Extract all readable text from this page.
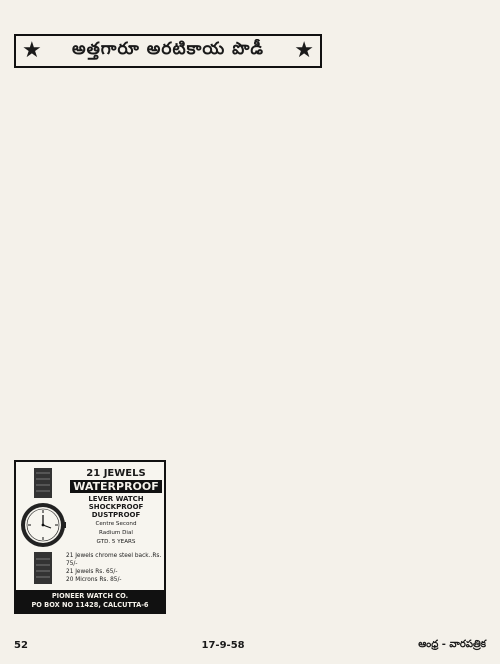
★ అత్తగారూ అరటికాయ పొడీ ★

21 JEWELS
WATERPROOF
LEVER WATCH
SHOCKPROOF
DUSTPROOF
Centre Second
Radium Dial
GTD. 5 YEARS
21 Jewels chrome steel back..Rs. 75/-
21 Jewels Rs. 65/-
20 Microns Rs. 85/-
PIONEER WATCH CO.
PO BOX NO 11428, CALCUTTA-6
52	17-9-58	ఆంధ్ర - వారపత్రిక
